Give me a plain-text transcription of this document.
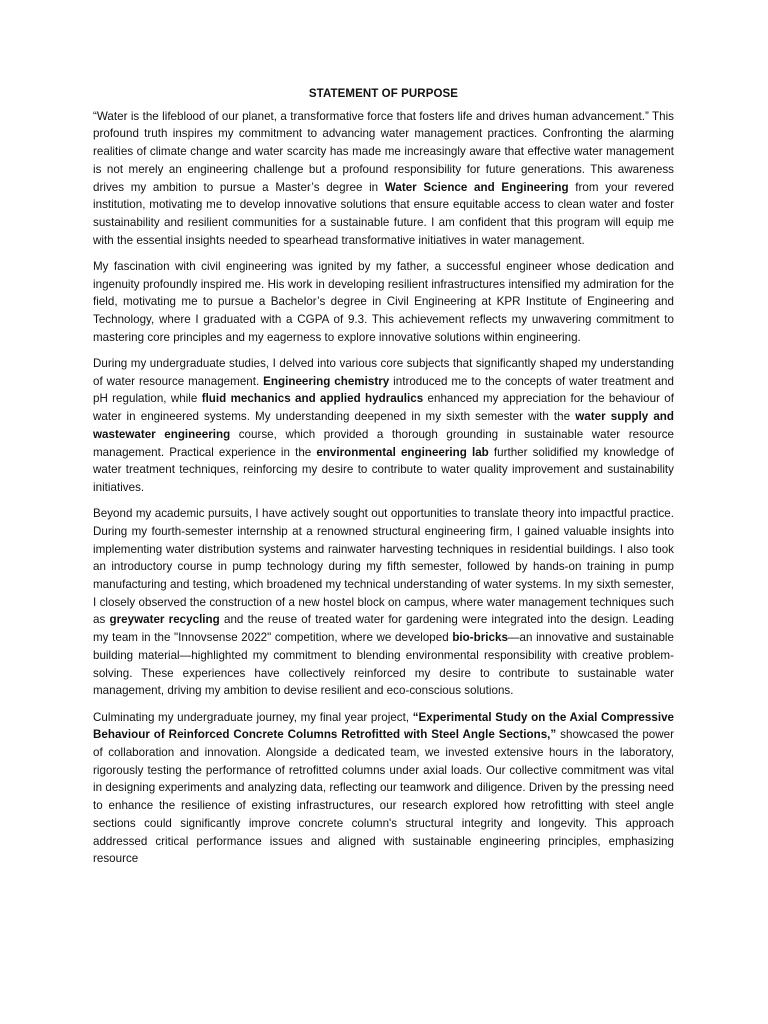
STATEMENT OF PURPOSE

“Water is the lifeblood of our planet, a transformative force that fosters life and drives human advancement.” This profound truth inspires my commitment to advancing water management practices. Confronting the alarming realities of climate change and water scarcity has made me increasingly aware that effective water management is not merely an engineering challenge but a profound responsibility for future generations. This awareness drives my ambition to pursue a Master’s degree in Water Science and Engineering from your revered institution, motivating me to develop innovative solutions that ensure equitable access to clean water and foster sustainability and resilient communities for a sustainable future. I am confident that this program will equip me with the essential insights needed to spearhead transformative initiatives in water management.

My fascination with civil engineering was ignited by my father, a successful engineer whose dedication and ingenuity profoundly inspired me. His work in developing resilient infrastructures intensified my admiration for the field, motivating me to pursue a Bachelor’s degree in Civil Engineering at KPR Institute of Engineering and Technology, where I graduated with a CGPA of 9.3. This achievement reflects my unwavering commitment to mastering core principles and my eagerness to explore innovative solutions within engineering.

During my undergraduate studies, I delved into various core subjects that significantly shaped my understanding of water resource management. Engineering chemistry introduced me to the concepts of water treatment and pH regulation, while fluid mechanics and applied hydraulics enhanced my appreciation for the behaviour of water in engineered systems. My understanding deepened in my sixth semester with the water supply and wastewater engineering course, which provided a thorough grounding in sustainable water resource management. Practical experience in the environmental engineering lab further solidified my knowledge of water treatment techniques, reinforcing my desire to contribute to water quality improvement and sustainability initiatives.

Beyond my academic pursuits, I have actively sought out opportunities to translate theory into impactful practice. During my fourth-semester internship at a renowned structural engineering firm, I gained valuable insights into implementing water distribution systems and rainwater harvesting techniques in residential buildings. I also took an introductory course in pump technology during my fifth semester, followed by hands-on training in pump manufacturing and testing, which broadened my technical understanding of water systems. In my sixth semester, I closely observed the construction of a new hostel block on campus, where water management techniques such as greywater recycling and the reuse of treated water for gardening were integrated into the design. Leading my team in the "Innovsense 2022" competition, where we developed bio-bricks—an innovative and sustainable building material—highlighted my commitment to blending environmental responsibility with creative problem-solving. These experiences have collectively reinforced my desire to contribute to sustainable water management, driving my ambition to devise resilient and eco-conscious solutions.

Culminating my undergraduate journey, my final year project, “Experimental Study on the Axial Compressive Behaviour of Reinforced Concrete Columns Retrofitted with Steel Angle Sections,” showcased the power of collaboration and innovation. Alongside a dedicated team, we invested extensive hours in the laboratory, rigorously testing the performance of retrofitted columns under axial loads. Our collective commitment was vital in designing experiments and analyzing data, reflecting our teamwork and diligence. Driven by the pressing need to enhance the resilience of existing infrastructures, our research explored how retrofitting with steel angle sections could significantly improve concrete column's structural integrity and longevity. This approach addressed critical performance issues and aligned with sustainable engineering principles, emphasizing resource
